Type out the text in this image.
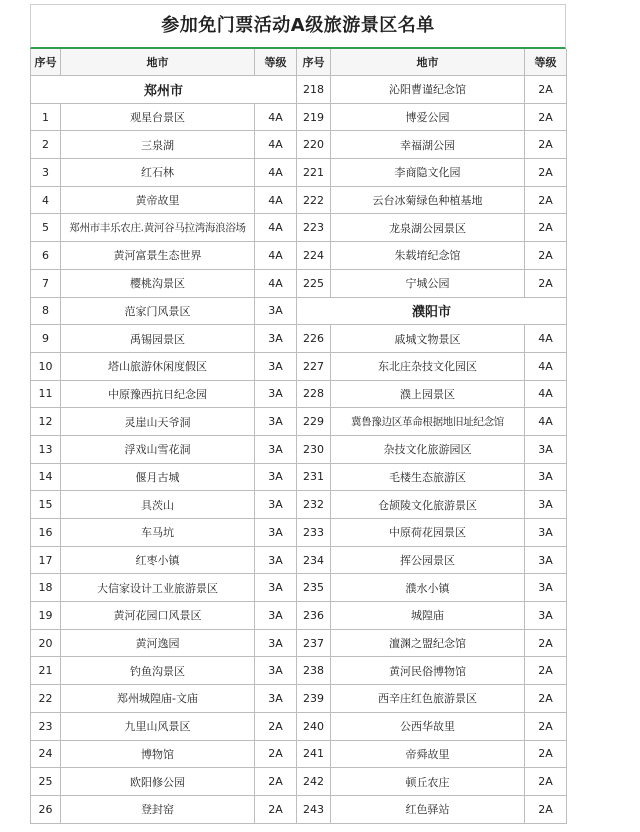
参加免门票活动A级旅游景区名单
序号	地市	等级
郑州市
1	观星台景区	4A
2	三泉湖	4A
3	红石林	4A
4	黄帝故里	4A
5	郑州市丰乐农庄.黄河谷马拉湾海浪浴场	4A
6	黄河富景生态世界	4A
7	樱桃沟景区	4A
8	范家门风景区	3A
9	禹锡园景区	3A
10	塔山旅游休闲度假区	3A
11	中原豫西抗日纪念园	3A
12	灵崖山天爷洞	3A
13	浮戏山雪花洞	3A
14	偃月古城	3A
15	具茨山	3A
16	车马坑	3A
17	红枣小镇	3A
18	大信家设计工业旅游景区	3A
19	黄河花园口风景区	3A
20	黄河逸园	3A
21	钓鱼沟景区	3A
22	郑州城隍庙-文庙	3A
23	九里山风景区	2A
24	博物馆	2A
25	欧阳修公园	2A
26	登封窑	2A
序号	地市	等级
218	沁阳曹谨纪念馆	2A
219	博爱公园	2A
220	幸福湖公园	2A
221	李商隐文化园	2A
222	云台冰菊绿色种植基地	2A
223	龙泉湖公园景区	2A
224	朱载堉纪念馆	2A
225	宁城公园	2A
濮阳市
226	戚城文物景区	4A
227	东北庄杂技文化园区	4A
228	濮上园景区	4A
229	冀鲁豫边区革命根据地旧址纪念馆	4A
230	杂技文化旅游园区	3A
231	毛楼生态旅游区	3A
232	仓颉陵文化旅游景区	3A
233	中原荷花园景区	3A
234	挥公园景区	3A
235	濮水小镇	3A
236	城隍庙	3A
237	澶渊之盟纪念馆	2A
238	黄河民俗博物馆	2A
239	西辛庄红色旅游景区	2A
240	公西华故里	2A
241	帝舜故里	2A
242	顿丘农庄	2A
243	红色驿站	2A
